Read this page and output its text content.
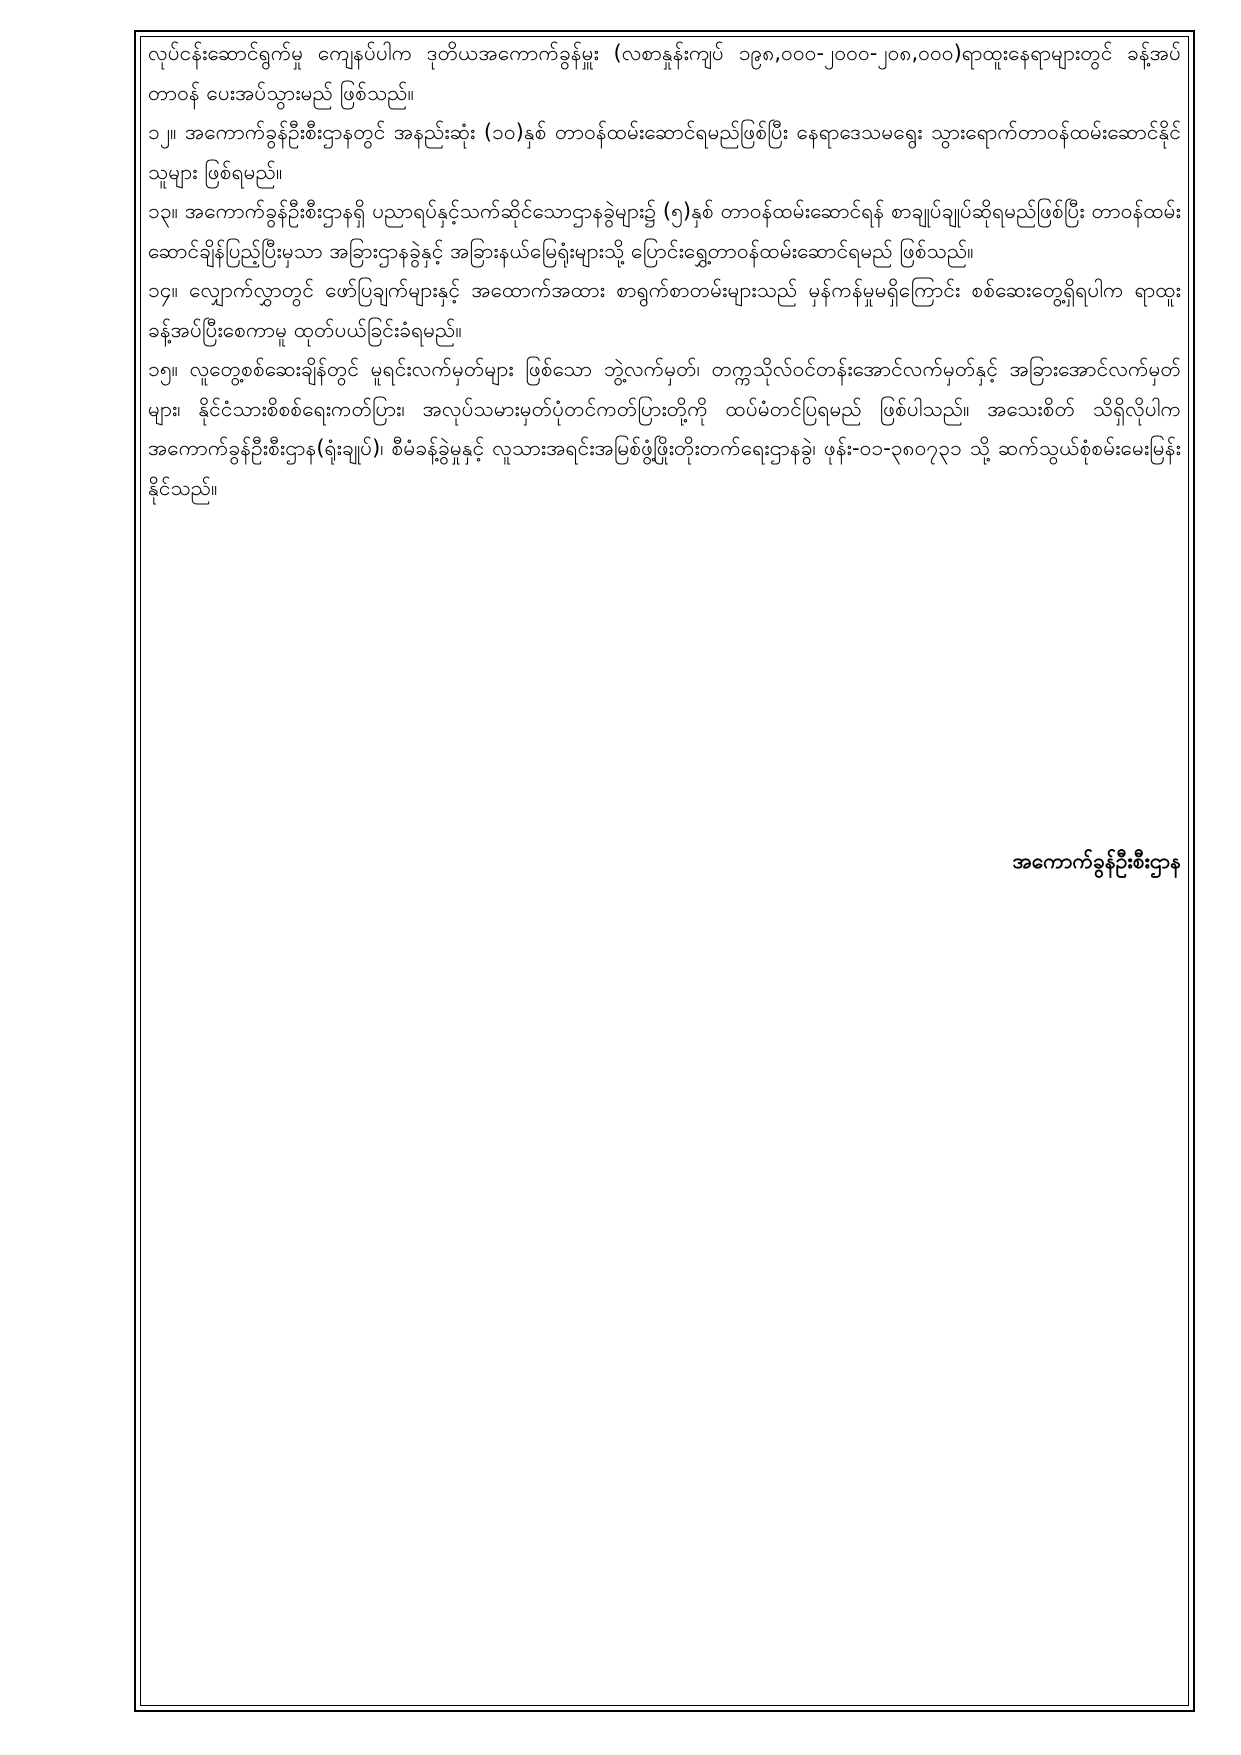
လုပ်ငန်းဆောင်ရွက်မှု ကျေနပ်ပါက ဒုတိယအကောက်ခွန်မှူး (လစာနှုန်းကျပ် ၁၉၈,၀၀၀-၂၀၀၀-၂၀၈,၀၀၀)ရာထူးနေရာများတွင် ခန့်အပ်တာဝန် ပေးအပ်သွားမည် ဖြစ်သည်။

၁၂။ အကောက်ခွန်ဦးစီးဌာနတွင် အနည်းဆုံး (၁၀)နှစ် တာဝန်ထမ်းဆောင်ရမည်ဖြစ်ပြီး နေရာဒေသမရွေး သွားရောက်တာဝန်ထမ်းဆောင်နိုင်သူများ ဖြစ်ရမည်။

၁၃။ အကောက်ခွန်ဦးစီးဌာနရှိ ပညာရပ်နှင့်သက်ဆိုင်သောဌာနခွဲများ၌ (၅)နှစ် တာဝန်ထမ်းဆောင်ရန် စာချုပ်ချုပ်ဆိုရမည်ဖြစ်ပြီး တာဝန်ထမ်းဆောင်ချိန်ပြည့်ပြီးမှသာ အခြားဌာနခွဲနှင့် အခြားနယ်မြေရုံးများသို့ ပြောင်းရွှေ့တာဝန်ထမ်းဆောင်ရမည် ဖြစ်သည်။

၁၄။ လျှောက်လွှာတွင် ဖော်ပြချက်များနှင့် အထောက်အထား စာရွက်စာတမ်းများသည် မှန်ကန်မှုမရှိကြောင်း စစ်ဆေးတွေ့ရှိရပါက ရာထူးခန့်အပ်ပြီးစေကာမူ ထုတ်ပယ်ခြင်းခံရမည်။

၁၅။ လူတွေ့စစ်ဆေးချိန်တွင် မူရင်းလက်မှတ်များ ဖြစ်သော ဘွဲ့လက်မှတ်၊ တက္ကသိုလ်ဝင်တန်းအောင်လက်မှတ်နှင့် အခြားအောင်လက်မှတ်များ၊ နိုင်ငံသားစိစစ်ရေးကတ်ပြား၊ အလုပ်သမားမှတ်ပုံတင်ကတ်ပြားတို့ကို ထပ်မံတင်ပြရမည် ဖြစ်ပါသည်။ အသေးစိတ် သိရှိလိုပါက အကောက်ခွန်ဦးစီးဌာန(ရုံးချုပ်)၊ စီမံခန့်ခွဲမှုနှင့် လူသားအရင်းအမြစ်ဖွံ့ဖြိုးတိုးတက်ရေးဌာနခွဲ၊ ဖုန်း-၀၁-၃၈၀၇၃၁ သို့ ဆက်သွယ်စုံစမ်းမေးမြန်းနိုင်သည်။

အကောက်ခွန်ဦးစီးဌာန
